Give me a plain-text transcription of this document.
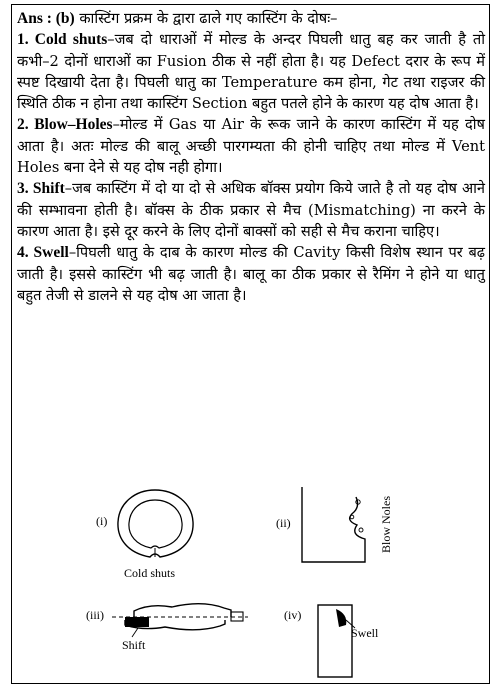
Ans : (b) कास्टिंग प्रक्रम के द्वारा ढाले गए कास्टिंग के दोषः–

1. Cold shuts–जब दो धाराओं में मोल्ड के अन्दर पिघली धातु बह कर जाती है तो कभी–2 दोनों धाराओं का Fusion ठीक से नहीं होता है। यह Defect दरार के रूप में स्पष्ट दिखायी देता है। पिघली धातु का Temperature कम होना, गेट तथा राइजर की स्थिति ठीक न होना तथा कास्टिंग Section बहुत पतले होने के कारण यह दोष आता है।

2. Blow–Holes–मोल्ड में Gas या Air के रूक जाने के कारण कास्टिंग में यह दोष आता है। अतः मोल्ड की बालू अच्छी पारगम्यता की होनी चाहिए तथा मोल्ड में Vent Holes बना देने से यह दोष नही होगा।

3. Shift–जब कास्टिंग में दो या दो से अधिक बॉक्स प्रयोग किये जाते है तो यह दोष आने की सम्भावना होती है। बॉक्स के ठीक प्रकार से मैच (Mismatching) ना करने के कारण आता है। इसे दूर करने के लिए दोनों बाक्सों को सही से मैच कराना चाहिए।

4. Swell–पिघली धातु के दाब के कारण मोल्ड की Cavity किसी विशेष स्थान पर बढ़ जाती है। इससे कास्टिंग भी बढ़ जाती है। बालू का ठीक प्रकार से रैमिंग ने होने या धातु बहुत तेजी से डालने से यह दोष आ जाता है।

(i)
Cold shuts
(ii)	Blow Noles
(iii)
Shift
(iv)
Swell
